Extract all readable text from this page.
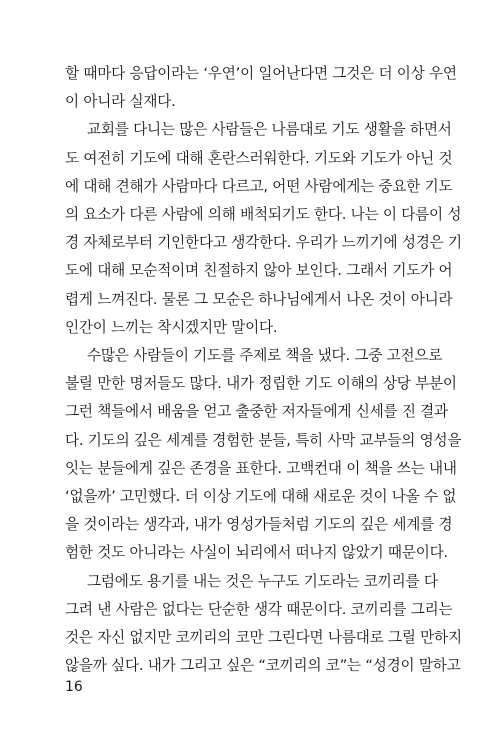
할 때마다 응답이라는 ‘우연’이 일어난다면 그것은 더 이상 우연
이 아니라 실재다.
교회를 다니는 많은 사람들은 나름대로 기도 생활을 하면서
도 여전히 기도에 대해 혼란스러워한다. 기도와 기도가 아닌 것
에 대해 견해가 사람마다 다르고, 어떤 사람에게는 중요한 기도
의 요소가 다른 사람에 의해 배척되기도 한다. 나는 이 다름이 성
경 자체로부터 기인한다고 생각한다. 우리가 느끼기에 성경은 기
도에 대해 모순적이며 친절하지 않아 보인다. 그래서 기도가 어
렵게 느껴진다. 물론 그 모순은 하나님에게서 나온 것이 아니라
인간이 느끼는 착시겠지만 말이다.
수많은 사람들이 기도를 주제로 책을 냈다. 그중 고전으로
불릴 만한 명저들도 많다. 내가 정립한 기도 이해의 상당 부분이
그런 책들에서 배움을 얻고 출중한 저자들에게 신세를 진 결과
다. 기도의 깊은 세계를 경험한 분들, 특히 사막 교부들의 영성을
잇는 분들에게 깊은 존경을 표한다. 고백컨대 이 책을 쓰는 내내
‘없을까’ 고민했다. 더 이상 기도에 대해 새로운 것이 나올 수 없
을 것이라는 생각과, 내가 영성가들처럼 기도의 깊은 세계를 경
험한 것도 아니라는 사실이 뇌리에서 떠나지 않았기 때문이다.
그럼에도 용기를 내는 것은 누구도 기도라는 코끼리를 다
그려 낸 사람은 없다는 단순한 생각 때문이다. 코끼리를 그리는
것은 자신 없지만 코끼리의 코만 그린다면 나름대로 그릴 만하지
않을까 싶다. 내가 그리고 싶은 “코끼리의 코”는 “성경이 말하고
16
